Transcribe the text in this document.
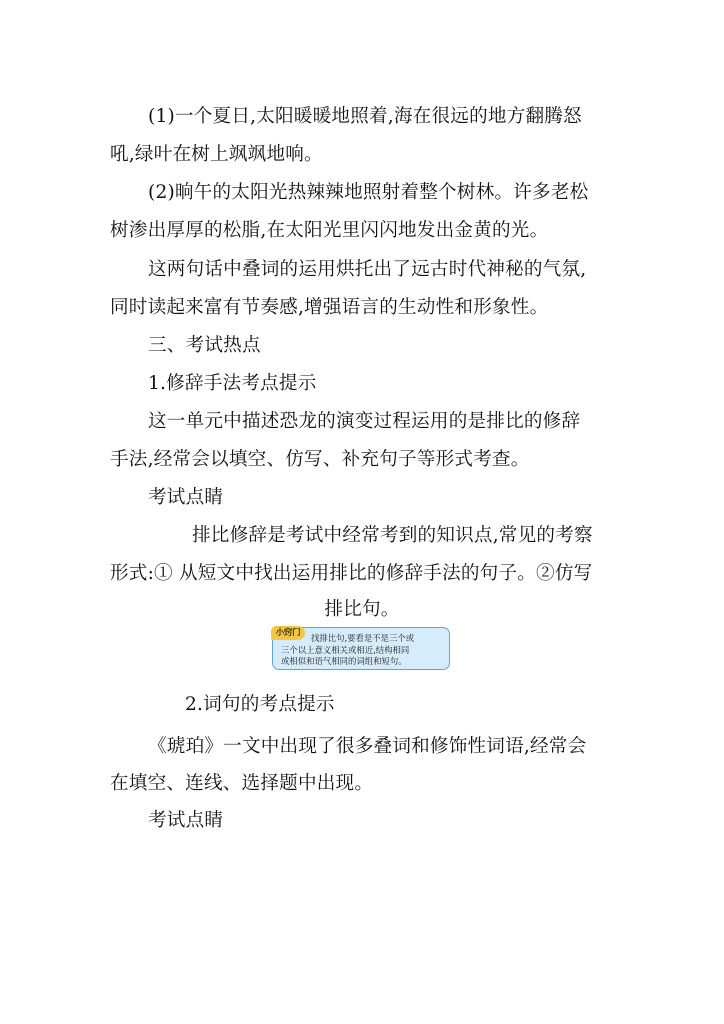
(1)一个夏日,太阳暖暖地照着,海在很远的地方翻腾怒
吼,绿叶在树上飒飒地响。
(2)晌午的太阳光热辣辣地照射着整个树林。许多老松
树渗出厚厚的松脂,在太阳光里闪闪地发出金黄的光。
这两句话中叠词的运用烘托出了远古时代神秘的气氛,
同时读起来富有节奏感,增强语言的生动性和形象性。
三、考试热点
1.修辞手法考点提示
这一单元中描述恐龙的演变过程运用的是排比的修辞
手法,经常会以填空、仿写、补充句子等形式考查。
考试点睛
排比修辞是考试中经常考到的知识点,常见的考察
形式:① 从短文中找出运用排比的修辞手法的句子。②仿写
排比句。
小窍门	找排比句,要看是不是三个或
三个以上意义相关或相近,结构相同
或相似和语气相同的词组和短句。
2.词句的考点提示
《琥珀》一文中出现了很多叠词和修饰性词语,经常会
在填空、连线、选择题中出现。
考试点睛
